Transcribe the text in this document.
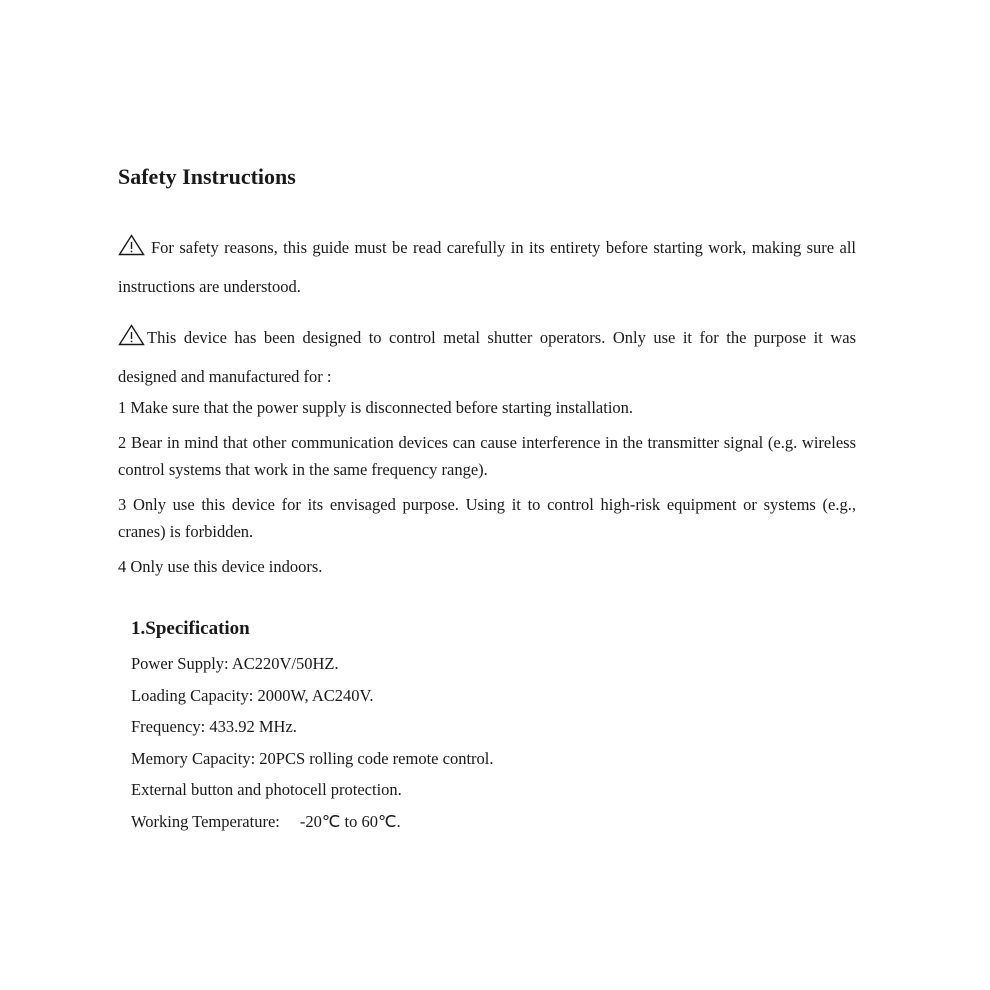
Safety Instructions

For safety reasons, this guide must be read carefully in its entirety before starting work, making sure all instructions are understood.

This device has been designed to control metal shutter operators. Only use it for the purpose it was designed and manufactured for :

1 Make sure that the power supply is disconnected before starting installation.

2 Bear in mind that other communication devices can cause interference in the transmitter signal (e.g. wireless control systems that work in the same frequency range).

3 Only use this device for its envisaged purpose. Using it to control high-risk equipment or systems (e.g., cranes) is forbidden.

4 Only use this device indoors.

1.Specification
Power Supply: AC220V/50HZ.
Loading Capacity: 2000W, AC240V.
Frequency: 433.92 MHz.
Memory Capacity: 20PCS rolling code remote control.
External button and photocell protection.
Working Temperature: -20℃ to 60℃.
